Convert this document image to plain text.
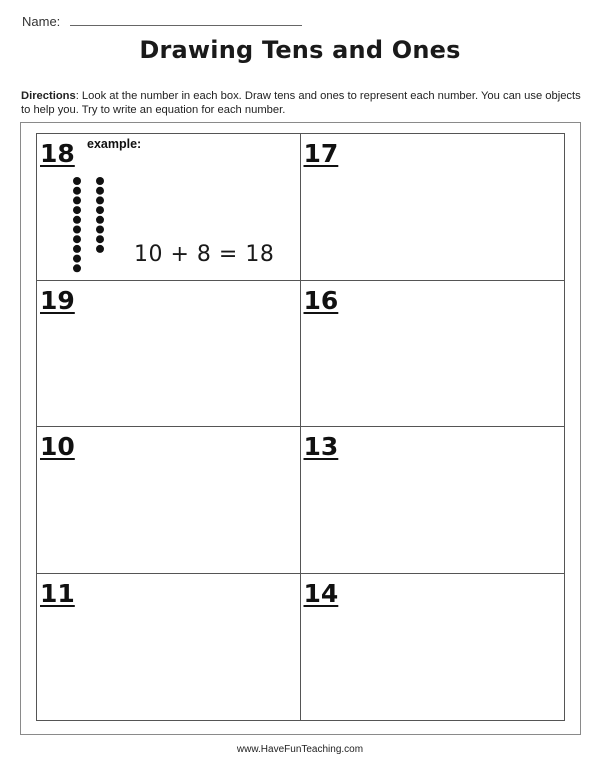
Name:
Drawing Tens and Ones
Directions: Look at the number in each box. Draw tens and ones to represent each number. You can use objects to help you. Try to write an equation for each number.
18 example:
10 + 8 = 18
17
19	16
10	13
11	14
www.HaveFunTeaching.com
